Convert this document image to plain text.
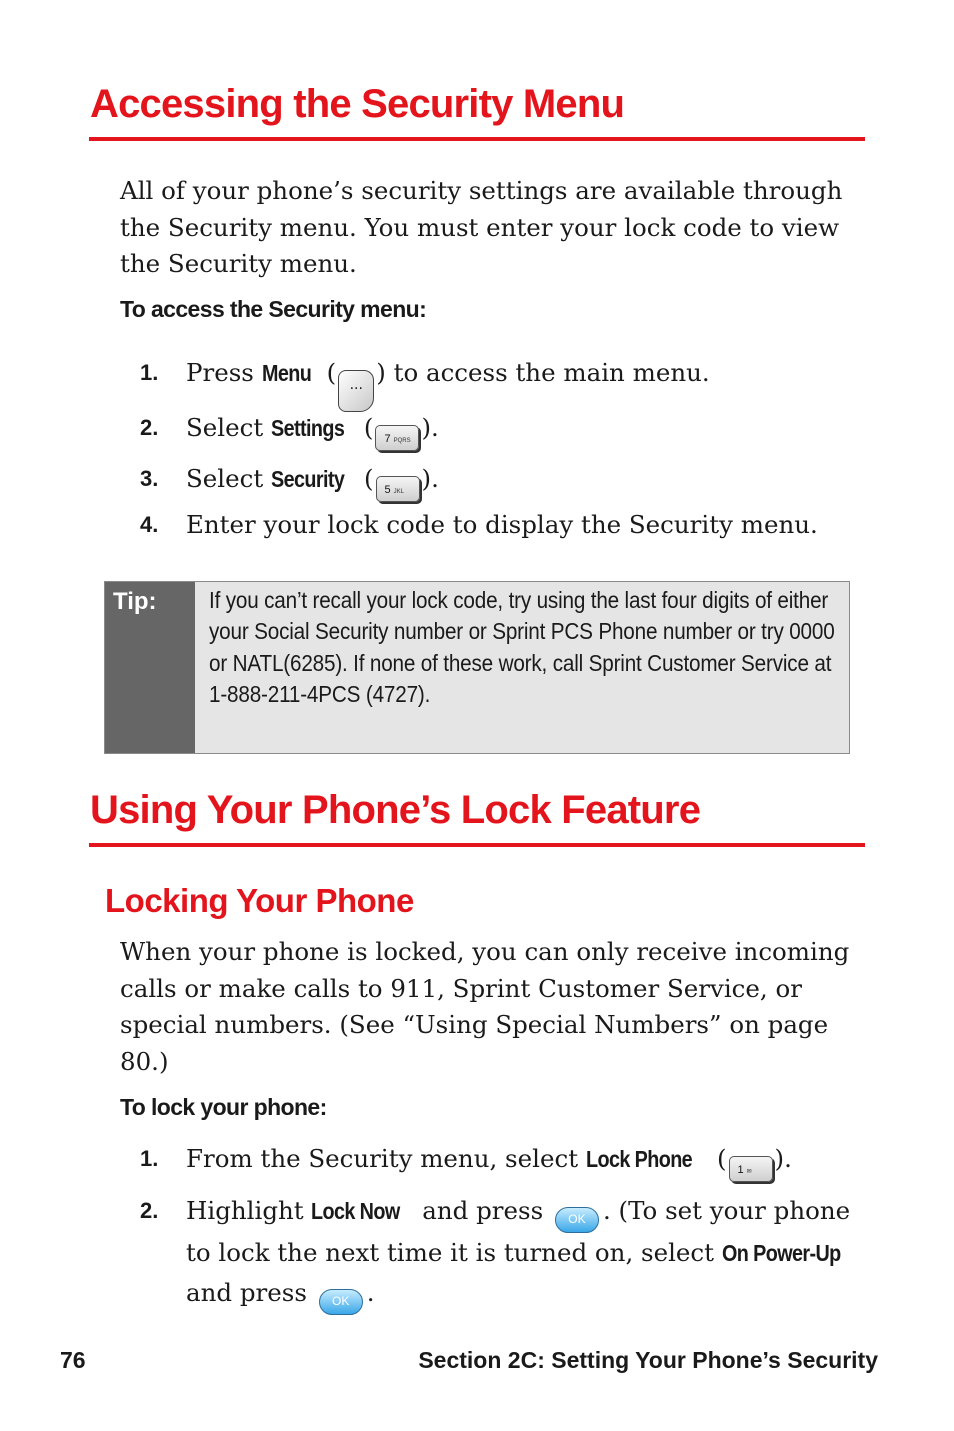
Accessing the Security Menu

All of your phone’s security settings are available through the Security menu. You must enter your lock code to view the Security menu.

To access the Security menu:

1. Press Menu (···) to access the main menu.
2. Select Settings ( 7 PQRS ).
3. Select Security ( 5 JKL ).
4. Enter your lock code to display the Security menu.
Tip: If you can’t recall your lock code, try using the last four digits of either your Social Security number or Sprint PCS Phone number or try 0000 or NATL(6285). If none of these work, call Sprint Customer Service at 1-888-211-4PCS (4727).
Using Your Phone’s Lock Feature
Locking Your Phone

When your phone is locked, you can only receive incoming calls or make calls to 911, Sprint Customer Service, or special numbers. (See “Using Special Numbers” on page 80.)

To lock your phone:

1. From the Security menu, select Lock Phone ( 1 ✉ ).
2. Highlight Lock Now and press OK . (To set your phone to lock the next time it is turned on, select On Power-Up and press OK .
76	Section 2C: Setting Your Phone’s Security
